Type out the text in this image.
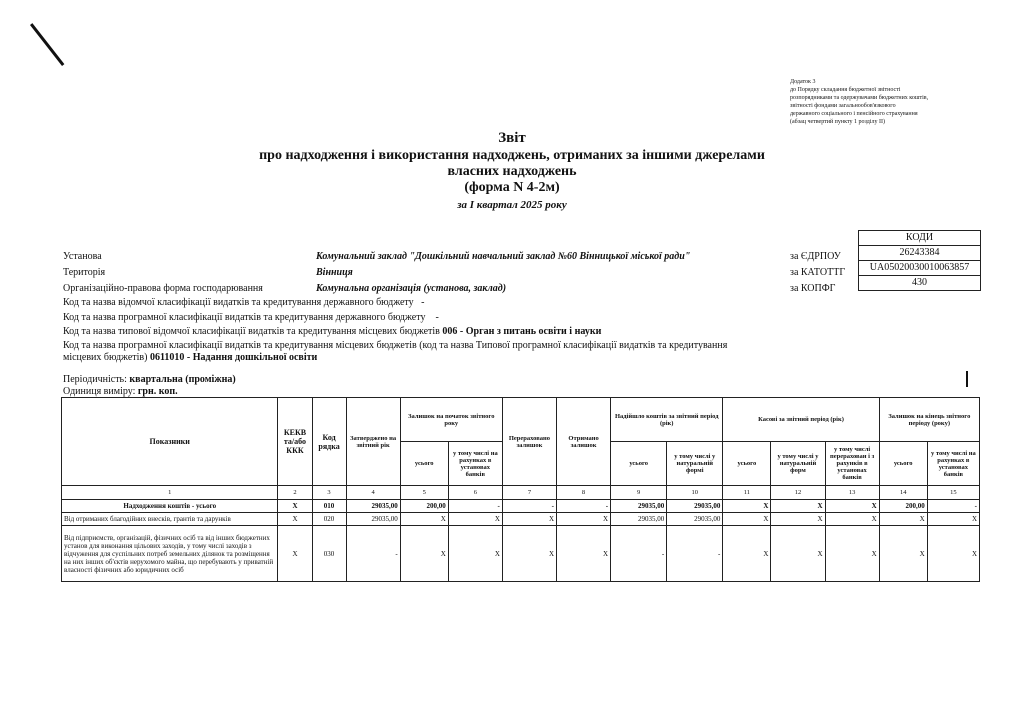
Додаток 3
до Порядку складання бюджетної звітності
розпорядниками та одержувачами бюджетних коштів,
звітності фондами загальнообов'язкового
державного соціального і пенсійного страхування
(абзац четвертий пункту 1 розділу II)
Звіт
про надходження і використання надходжень, отриманих за іншими джерелами
власних надходжень
(форма N 4-2м)
за I квартал 2025 року
КОДИ
26243384
UA05020030010063857
430
Установа	Комунальний заклад "Дошкільний навчальний заклад №60 Вінницької міської ради"	за ЄДРПОУ
Територія	Вінниця	за КАТОТТГ
Організаційно-правова форма господарювання	Комунальна організація (установа, заклад)	за КОПФГ
Код та назва відомчої класифікації видатків та кредитування державного бюджету -
Код та назва програмної класифікації видатків та кредитування державного бюджету -
Код та назва типової відомчої класифікації видатків та кредитування місцевих бюджетів 006 - Орган з питань освіти і науки
Код та назва програмної класифікації видатків та кредитування місцевих бюджетів (код та назва Типової програмної класифікації видатків та кредитування місцевих бюджетів) 0611010 - Надання дошкільної освіти
Періодичність: квартальна (проміжна)
Одиниця виміру: грн. коп.
Показники	КЕКВ та/або ККК	Код рядка	Затверджено на звітний рік	Залишок на початок звітного року		Перераховано залишок	Отримано залишок	Надійшло коштів за звітний період (рік)		Касові за звітний період (рік)			Залишок на кінець звітного періоду (року)	
				усього	у тому числі на рахунках в установах банків			усього	у тому числі у натуральній формі	усього	у тому числі у натуральній форм	у тому числі перерахован і з рахунків в установах банків	усього	у тому числі на рахунках в установах банків
1	2	3	4	5	6	7	8	9	10	11	12	13	14	15
Надходження коштів - усього	X	010	29035,00	200,00	-	-	-	29035,00	29035,00	X	X	X	200,00	-
Від отриманих благодійних внесків, грантів та дарунків	X	020	29035,00	X	X	X	X	29035,00	29035,00	X	X	X	X	X
Від підприємств, організацій, фізичних осіб та від інших бюджетних установ для виконання цільових заходів, у тому числі заходів з відчуження для суспільних потреб земельних ділянок та розміщення на них інших об'єктів нерухомого майна, що перебувають у приватній власності фізичних або юридичних осіб	X	030	-	X	X	X	X	-	-	X	X	X	X	X
